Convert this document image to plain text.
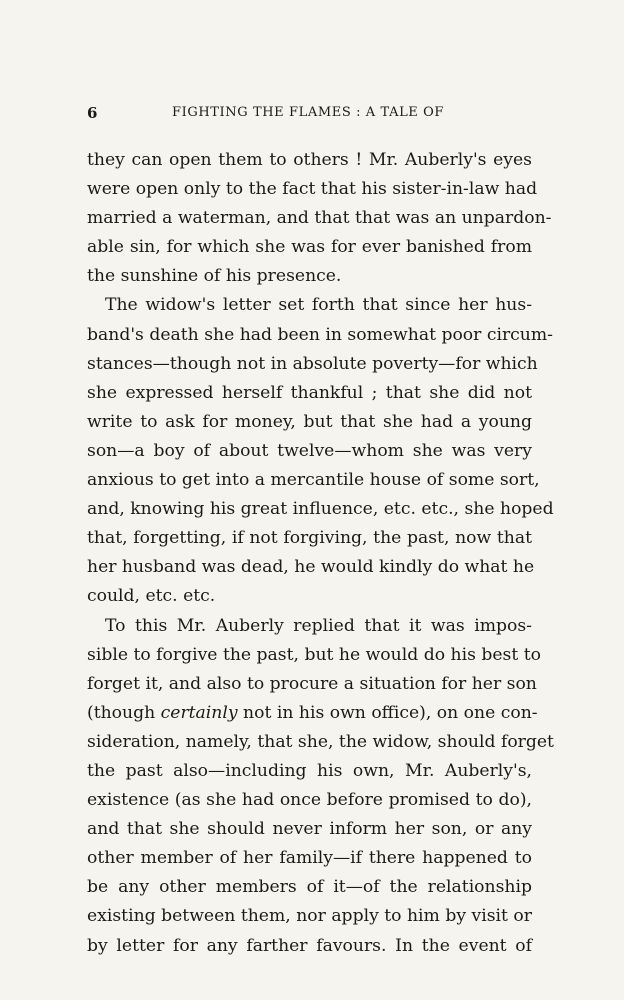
6	FIGHTING THE FLAMES : A TALE OF
they can open them to others ! Mr. Auberly's eyes
were open only to the fact that his sister-in-law had
married a waterman, and that that was an unpardon-
able sin, for which she was for ever banished from
the sunshine of his presence.
The widow's letter set forth that since her hus-
band's death she had been in somewhat poor circum-
stances—though not in absolute poverty—for which
she expressed herself thankful ; that she did not
write to ask for money, but that she had a young
son—a boy of about twelve—whom she was very
anxious to get into a mercantile house of some sort,
and, knowing his great influence, etc. etc., she hoped
that, forgetting, if not forgiving, the past, now that
her husband was dead, he would kindly do what he
could, etc. etc.
To this Mr. Auberly replied that it was impos-
sible to forgive the past, but he would do his best to
forget it, and also to procure a situation for her son
(though certainly not in his own office), on one con-
sideration, namely, that she, the widow, should forget
the past also—including his own, Mr. Auberly's,
existence (as she had once before promised to do),
and that she should never inform her son, or any
other member of her family—if there happened to
be any other members of it—of the relationship
existing between them, nor apply to him by visit or
by letter for any farther favours. In the event of
